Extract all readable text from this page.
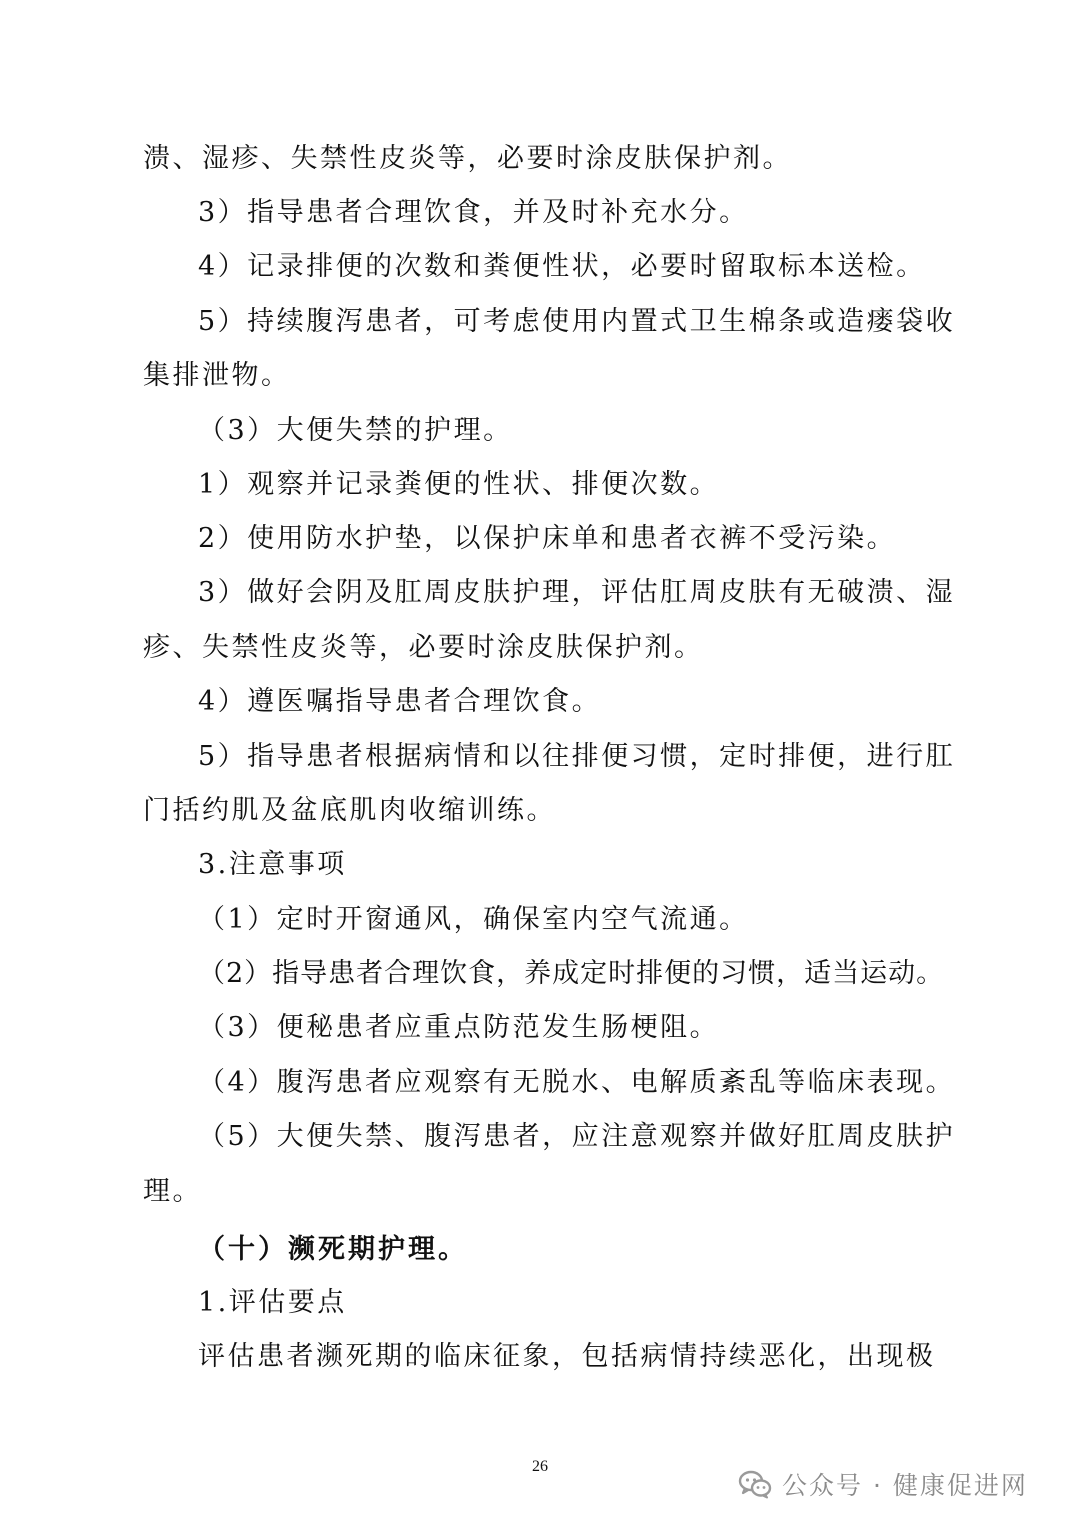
溃、湿疹、失禁性皮炎等，必要时涂皮肤保护剂。
3）指导患者合理饮食，并及时补充水分。
4）记录排便的次数和粪便性状，必要时留取标本送检。
5）持续腹泻患者，可考虑使用内置式卫生棉条或造瘘袋收
集排泄物。
（3）大便失禁的护理。
1）观察并记录粪便的性状、排便次数。
2）使用防水护垫，以保护床单和患者衣裤不受污染。
3）做好会阴及肛周皮肤护理，评估肛周皮肤有无破溃、湿
疹、失禁性皮炎等，必要时涂皮肤保护剂。
4）遵医嘱指导患者合理饮食。
5）指导患者根据病情和以往排便习惯，定时排便，进行肛
门括约肌及盆底肌肉收缩训练。
3.注意事项
（1）定时开窗通风，确保室内空气流通。
（2）指导患者合理饮食，养成定时排便的习惯，适当运动。
（3）便秘患者应重点防范发生肠梗阻。
（4）腹泻患者应观察有无脱水、电解质紊乱等临床表现。
（5）大便失禁、腹泻患者，应注意观察并做好肛周皮肤护
理。
（十）濒死期护理。
1.评估要点
评估患者濒死期的临床征象，包括病情持续恶化，出现极
26
公众号 · 健康促进网
